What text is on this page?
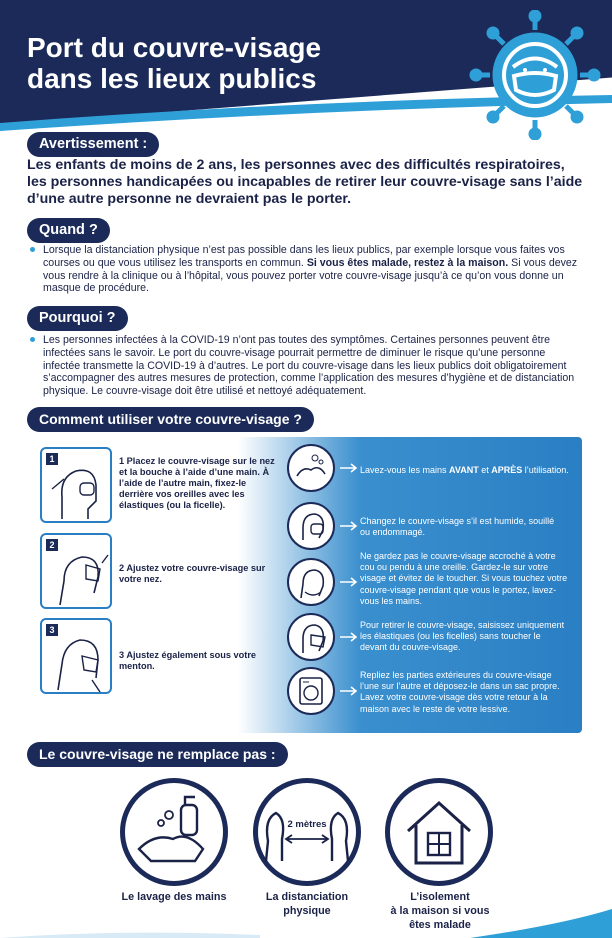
Port du couvre-visage
dans les lieux publics
Avertissement :
Les enfants de moins de 2 ans, les personnes avec des difficultés respiratoires, les personnes handicapées ou incapables de retirer leur couvre-visage sans l’aide d’une autre personne ne devraient pas le porter.
Quand ?
Lorsque la distanciation physique n’est pas possible dans les lieux publics, par exemple lorsque vous faites vos courses ou que vous utilisez les transports en commun. Si vous êtes malade, restez à la maison. Si vous devez vous rendre à la clinique ou à l’hôpital, vous pouvez porter votre couvre-visage jusqu’à ce qu’on vous donne un masque de procédure.
Pourquoi ?
Les personnes infectées à la COVID-19 n’ont pas toutes des symptômes. Certaines personnes peuvent être infectées sans le savoir. Le port du couvre-visage pourrait permettre de diminuer le risque qu’une personne infectée transmette la COVID-19 à d’autres. Le port du couvre-visage dans les lieux publics doit obligatoirement s’accompagner des autres mesures de protection, comme l’application des mesures d’hygiène et de distanciation physique. Le couvre-visage doit être utilisé et nettoyé adéquatement.
Comment utiliser votre couvre-visage ?
1	1 Placez le couvre-visage sur le nez et la bouche à l’aide d’une main. À l’aide de l’autre main, fixez-le derrière vos oreilles avec les élastiques (ou la ficelle).
2
2 Ajustez votre couvre-visage sur votre nez.
3
3 Ajustez également sous votre menton.
Lavez-vous les mains AVANT et APRÈS l’utilisation.
Changez le couvre-visage s’il est humide, souillé ou endommagé.
Ne gardez pas le couvre-visage accroché à votre cou ou pendu à une oreille. Gardez-le sur votre visage et évitez de le toucher. Si vous touchez votre couvre-visage pendant que vous le portez, lavez-vous les mains.
Pour retirer le couvre-visage, saisissez uniquement les élastiques (ou les ficelles) sans toucher le devant du couvre-visage.
Repliez les parties extérieures du couvre-visage l’une sur l’autre et déposez-le dans un sac propre. Lavez votre couvre-visage dès votre retour à la maison avec le reste de votre lessive.
Le couvre-visage ne remplace pas :
Le lavage des mains
2 mètres
La distanciation
physique
L’isolement
à la maison si vous
êtes malade
